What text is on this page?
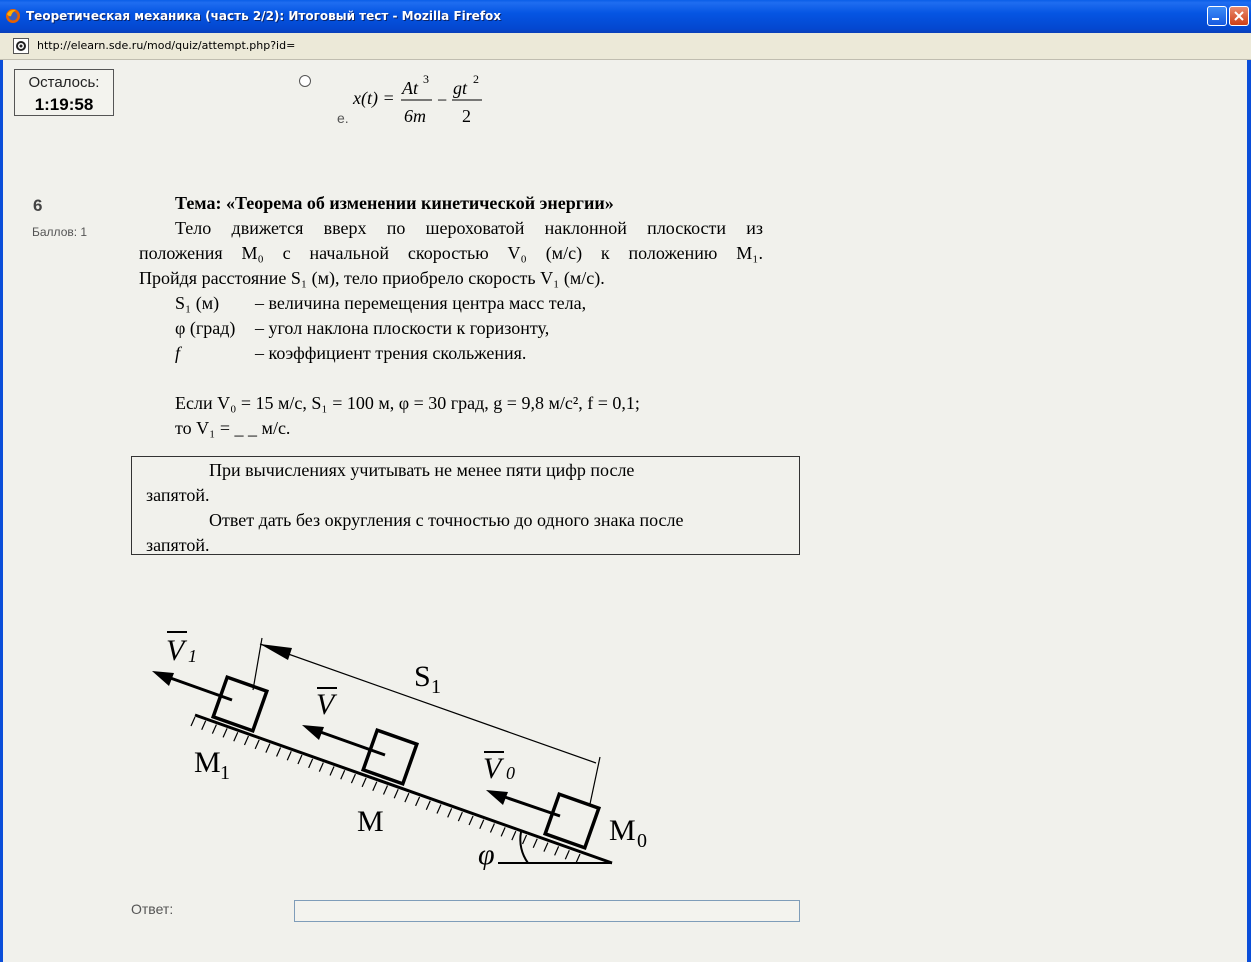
Теоретическая механика (часть 2/2): Итоговый тест - Mozilla Firefox
http://elearn.sde.ru/mod/quiz/attempt.php?id=
Осталось:
1:19:58
e.
x(t) = At 3
6m
−
gt 2
2
6
Баллов: 1
Тема: «Теорема об изменении кинетической энергии»
Тело движется вверх по шероховатой наклонной плоскости из
положения M₀ с начальной скоростью V₀ (м/с) к положению M₁.
Пройдя расстояние S₁ (м), тело приобрело скорость V₁ (м/с).
S₁ (м) – величина перемещения центра масс тела,
φ (град) – угол наклона плоскости к горизонту,
f	– коэффициент трения скольжения.
Если V₀ = 15 м/с, S₁ = 100 м, φ = 30 град, g = 9,8 м/с², f = 0,1;
то V₁ = _ _ м/с.
При вычислениях учитывать не менее пяти цифр после
запятой.
Ответ дать без округления с точностью до одного знака после
запятой.
V 1
V
V 0
S 1
M 1
M	M 0
φ
Ответ:
